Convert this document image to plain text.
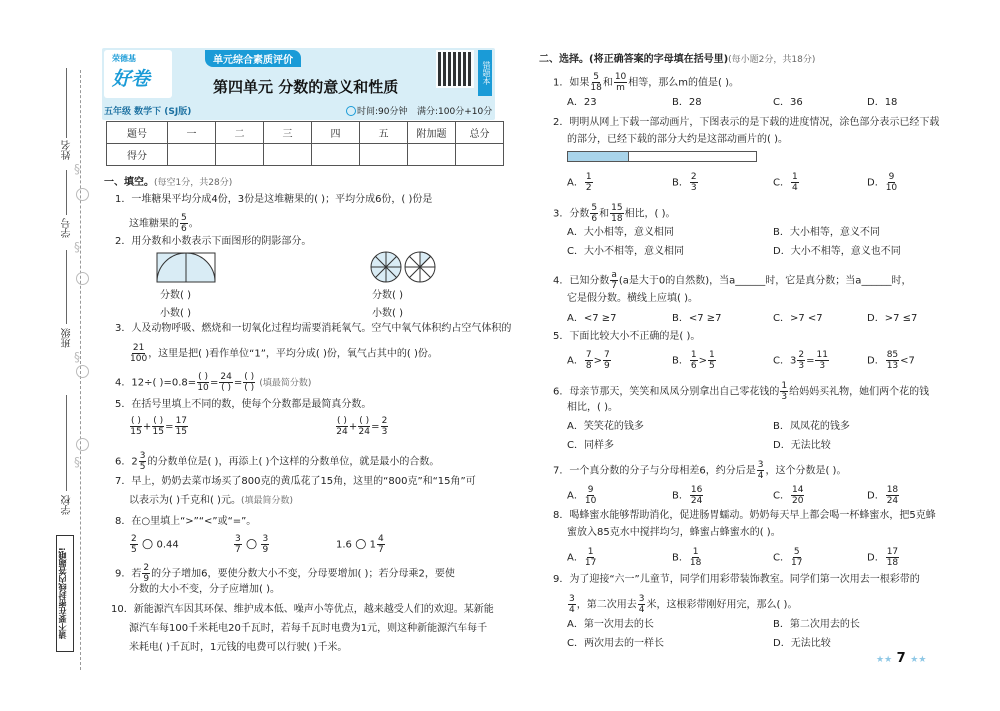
姓名
学号
班级
学校
§
§
§
§
请不要在密封线内答题哦!
荣德基
好卷
五年级 数学下 (SJ版)
单元综合素质评价
第四单元 分数的意义和性质
时间:90分钟 满分:100分+10分
错题本
题号	一	二	三	四	五	附加题	总分
得分							
一、填空。(每空1分，共28分)
1．一堆糖果平均分成4份，3份是这堆糖果的( )；平均分成6份，( )份是
这堆糖果的 $\frac{5}{6}$ 。
2．用分数和小数表示下面图形的阴影部分。
分数( )
小数( )
分数( )
小数( )
3．人及动物呼吸、燃烧和一切氧化过程均需要消耗氧气。空气中氧气体积约占空气体积的
$\frac{21}{100}$ ，这里是把( )看作单位“1”，平均分成( )份，氧气占其中的( )份。
4．12÷( )$=0.8= \frac{( )}{10} = \frac{24}{( )} = \frac{( )}{( )}$ (填最简分数)
5．在括号里填上不同的数，使每个分数都是最简真分数。
$\frac{( )}{15} + \frac{( )}{15} = \frac{17}{15}$	$\frac{( )}{24} + \frac{( )}{24} = \frac{2}{3}$
6．$2 \frac{3}{5}$ 的分数单位是( )，再添上( )个这样的分数单位，就是最小的合数。
7．早上，奶奶去菜市场买了800克的黄瓜花了15角，这里的“800克”和“15角”可
以表示为( )千克和( )元。(填最简分数)
8．在○里填上“>”“<”或“=”。
$\frac{2}{5}$ ○ 0.44	$\frac{3}{7}$ ○ $\frac{3}{9}$	1.6 ○ $1 \frac{4}{7}$
9．若 $\frac{2}{9}$ 的分子增加6，要使分数大小不变，分母要增加( )；若分母乘2，要使
分数的大小不变，分子应增加( )。
10．新能源汽车因其环保、维护成本低、噪声小等优点，越来越受人们的欢迎。某新能
源汽车每100千米耗电20千瓦时，若每千瓦时电费为1元，则这种新能源汽车每千
米耗电( )千瓦时，1元钱的电费可以行驶( )千米。
二、选择。(将正确答案的字母填在括号里)(每小题2分，共18分)
1．如果 $\frac{5}{18}$ 和 $\frac{10}{m}$ 相等，那么m的值是( )。
A．23	B．28	C．36	D．18
2．明明从网上下载一部动画片，下图表示的是下载的进度情况，涂色部分表示已经下载
的部分，已经下载的部分大约是这部动画片的( )。
A． $\frac{1}{2}$	B． $\frac{2}{3}$	C． $\frac{1}{4}$	D． $\frac{9}{10}$
3．分数 $\frac{5}{6}$ 和 $\frac{15}{18}$ 相比，( )。
A．大小相等，意义相同	B．大小相等，意义不同
C．大小不相等，意义相同	D．大小不相等，意义也不同
4．已知分数 $\frac{a}{7} (a$是大于0的自然数)，当a______时，它是真分数；当a______时，
它是假分数。横线上应填( )。
A．<7 ≥7	B．<7 ≥7	C．>7 <7	D．>7 ≤7
5．下面比较大小不正确的是( )。
A． $\frac{7}{8} > \frac{7}{9}$	B． $\frac{1}{6} > \frac{1}{5}$	C．$3 \frac{2}{3} = \frac{11}{3}$	D． $\frac{85}{13} <7$
6．母亲节那天，笑笑和凤凤分别拿出自己零花钱的 $\frac{1}{3}$ 给妈妈买礼物，她们两个花的钱
相比，( )。
A．笑笑花的钱多	B．凤凤花的钱多
C．同样多	D．无法比较
7．一个真分数的分子与分母相差6，约分后是 $\frac{3}{4}$ ，这个分数是( )。
A． $\frac{9}{10}$	B． $\frac{16}{24}$	C． $\frac{14}{20}$	D． $\frac{18}{24}$
8．喝蜂蜜水能够帮助消化，促进肠胃蠕动。奶奶每天早上都会喝一杯蜂蜜水，把5克蜂
蜜放入85克水中搅拌均匀，蜂蜜占蜂蜜水的( )。
A． $\frac{1}{17}$	B． $\frac{1}{18}$	C． $\frac{5}{17}$	D． $\frac{17}{18}$
9．为了迎接“六一”儿童节，同学们用彩带装饰教室。同学们第一次用去一根彩带的
$\frac{3}{4}$ ，第二次用去 $\frac{3}{4}$ 米，这根彩带刚好用完，那么( )。
A．第一次用去的长	B．第二次用去的长
C．两次用去的一样长	D．无法比较
★★ 7 ★★
